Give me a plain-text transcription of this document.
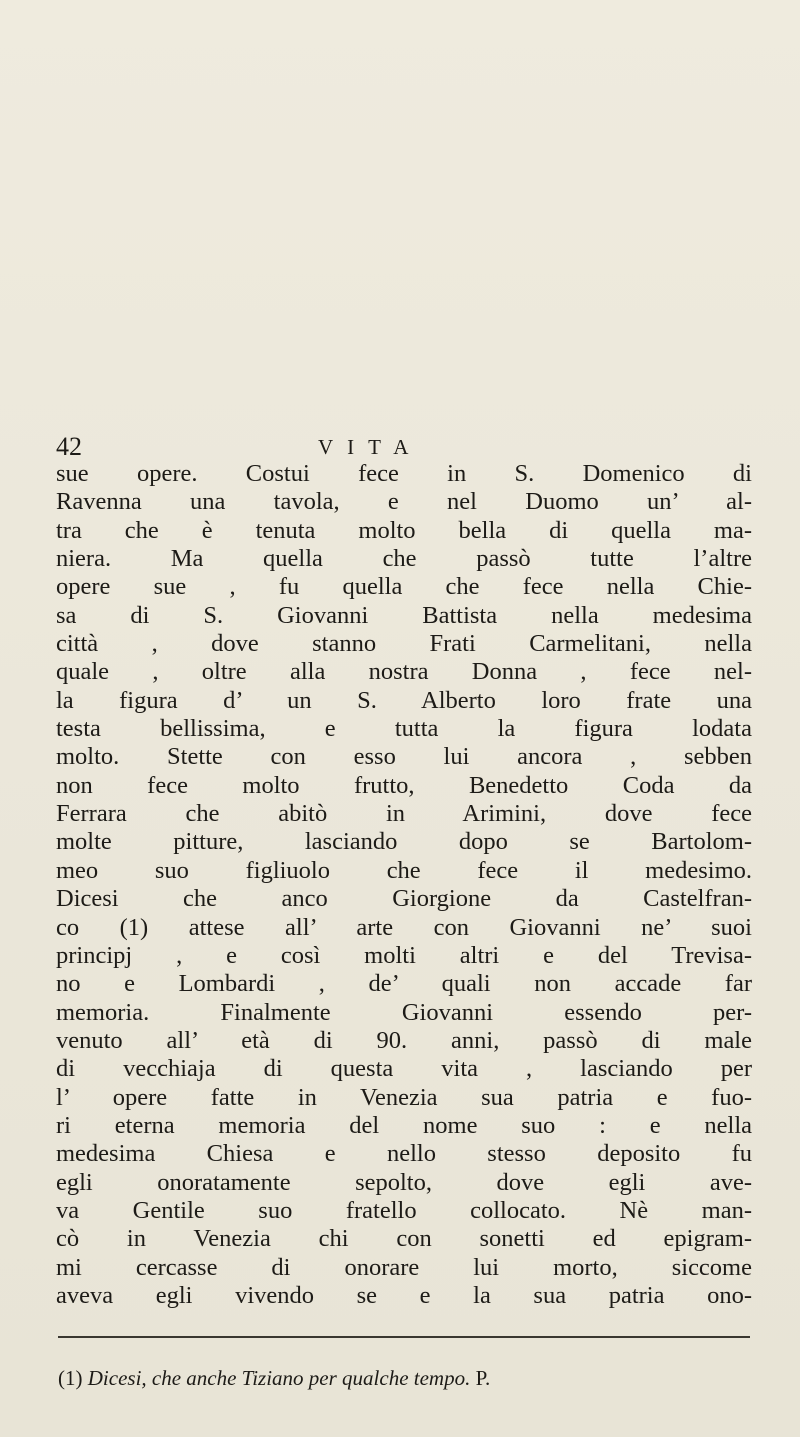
42	VITA
sue opere. Costui fece in S. Domenico di
Ravenna una tavola, e nel Duomo un’ al-
tra che è tenuta molto bella di quella ma-
niera. Ma quella che passò tutte l’altre
opere sue , fu quella che fece nella Chie-
sa di S. Giovanni Battista nella medesima
città , dove stanno Frati Carmelitani, nella
quale , oltre alla nostra Donna , fece nel-
la figura d’ un S. Alberto loro frate una
testa bellissima, e tutta la figura lodata
molto. Stette con esso lui ancora , sebben
non fece molto frutto, Benedetto Coda da
Ferrara che abitò in Arimini, dove fece
molte pitture, lasciando dopo se Bartolom-
meo suo figliuolo che fece il medesimo.
Dicesi che anco Giorgione da Castelfran-
co (1) attese all’ arte con Giovanni ne’ suoi
principj , e così molti altri e del Trevisa-
no e Lombardi , de’ quali non accade far
memoria. Finalmente Giovanni essendo per-
venuto all’ età di 90. anni, passò di male
di vecchiaja di questa vita , lasciando per
l’ opere fatte in Venezia sua patria e fuo-
ri eterna memoria del nome suo : e nella
medesima Chiesa e nello stesso deposito fu
egli onoratamente sepolto, dove egli ave-
va Gentile suo fratello collocato. Nè man-
cò in Venezia chi con sonetti ed epigram-
mi cercasse di onorare lui morto, siccome
aveva egli vivendo se e la sua patria ono-
(1) Dicesi, che anche Tiziano per qualche tempo. P.
